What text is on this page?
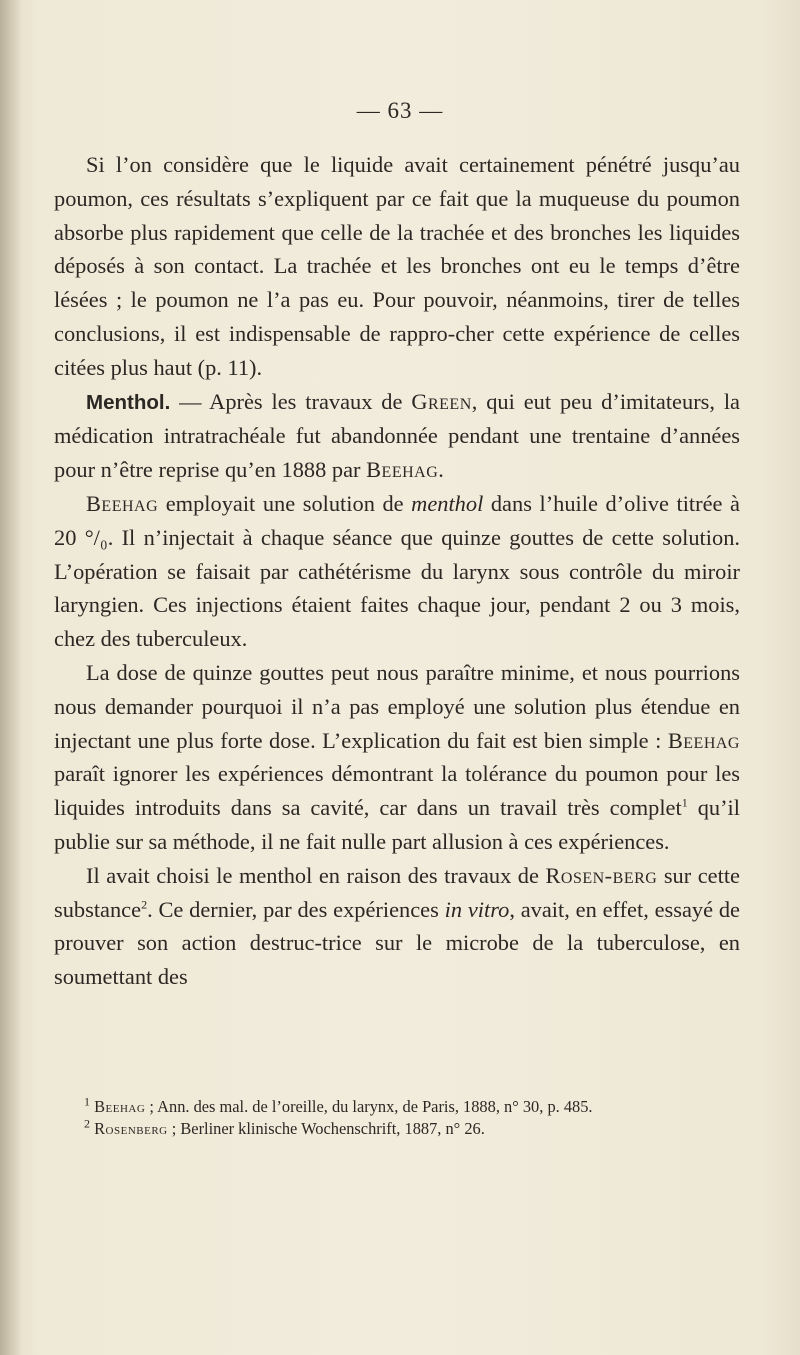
— 63 —

Si l’on considère que le liquide avait certainement pénétré jusqu’au poumon, ces résultats s’expliquent par ce fait que la muqueuse du poumon absorbe plus rapidement que celle de la trachée et des bronches les liquides déposés à son contact. La trachée et les bronches ont eu le temps d’être lésées ; le poumon ne l’a pas eu. Pour pouvoir, néanmoins, tirer de telles conclusions, il est indispensable de rappro-cher cette expérience de celles citées plus haut (p. 11).

Menthol. — Après les travaux de Green, qui eut peu d’imitateurs, la médication intratrachéale fut abandonnée pendant une trentaine d’années pour n’être reprise qu’en 1888 par Beehag.

Beehag employait une solution de menthol dans l’huile d’olive titrée à 20 °/₀. Il n’injectait à chaque séance que quinze gouttes de cette solution. L’opération se faisait par cathétérisme du larynx sous contrôle du miroir laryngien. Ces injections étaient faites chaque jour, pendant 2 ou 3 mois, chez des tuberculeux.

La dose de quinze gouttes peut nous paraître minime, et nous pourrions nous demander pourquoi il n’a pas employé une solution plus étendue en injectant une plus forte dose. L’explication du fait est bien simple : Beehag paraît ignorer les expériences démontrant la tolérance du poumon pour les liquides introduits dans sa cavité, car dans un travail très complet$^1$ qu’il publie sur sa méthode, il ne fait nulle part allusion à ces expériences.

Il avait choisi le menthol en raison des travaux de Rosen-berg sur cette substance$^2$. Ce dernier, par des expériences in vitro, avait, en effet, essayé de prouver son action destruc-trice sur le microbe de la tuberculose, en soumettant des

$^1$ Beehag ; Ann. des mal. de l’oreille, du larynx, de Paris, 1888, n° 30, p. 485.

$^2$ Rosenberg ; Berliner klinische Wochenschrift, 1887, n° 26.
